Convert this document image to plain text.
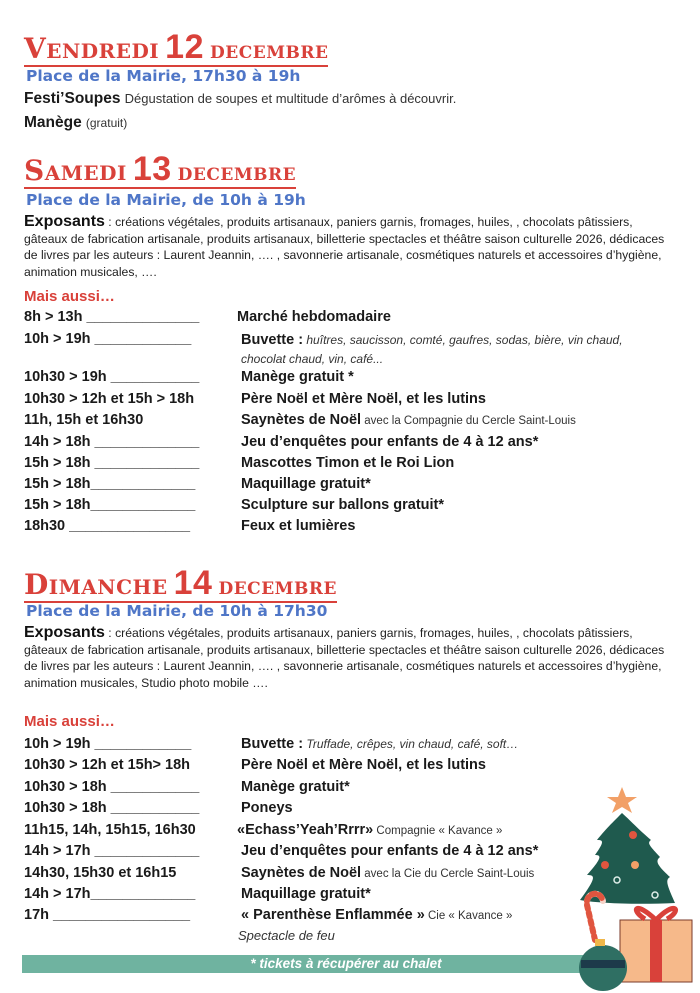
Vendredi 12 decembre
Place de la Mairie, 17h30 à 19h
Festi’Soupes Dégustation de soupes et multitude d’arômes à découvrir.
Manège (gratuit)
Samedi 13 decembre
Place de la Mairie, de 10h à 19h
Exposants : créations végétales, produits artisanaux, paniers garnis, fromages, huiles, , chocolats pâtissiers, gâteaux de fabrication artisanale, produits artisanaux, billetterie spectacles et théâtre saison culturelle 2026, dédicaces de livres par les auteurs : Laurent Jeannin, …. , savonnerie artisanale, cosmétiques naturels et accessoires d’hygiène, animation musicales, ….
Mais aussi…
8h > 13h ______________	Marché hebdomadaire
10h > 19h ____________	Buvette : huîtres, saucisson, comté, gaufres, sodas, bière, vin chaud, chocolat chaud, vin, café...
10h30 > 19h ___________	Manège gratuit *
10h30 > 12h et 15h > 18h	Père Noël et Mère Noël, et les lutins
11h, 15h et 16h30	Saynètes de Noël avec la Compagnie du Cercle Saint-Louis
14h > 18h _____________	Jeu d’enquêtes pour enfants de 4 à 12 ans*
15h > 18h _____________	Mascottes Timon et le Roi Lion
15h > 18h_____________	Maquillage gratuit*
15h > 18h_____________	Sculpture sur ballons gratuit*
18h30 _______________	Feux et lumières
Dimanche 14 decembre
Place de la Mairie, de 10h à 17h30
Exposants : créations végétales, produits artisanaux, paniers garnis, fromages, huiles, , chocolats pâtissiers, gâteaux de fabrication artisanale, produits artisanaux, billetterie spectacles et théâtre saison culturelle 2026, dédicaces de livres par les auteurs : Laurent Jeannin, …. , savonnerie artisanale, cosmétiques naturels et accessoires d’hygiène, animation musicales, Studio photo mobile ….
Mais aussi…
10h > 19h ____________	Buvette : Truffade, crêpes, vin chaud, café, soft…
10h30 > 12h et 15h> 18h	Père Noël et Mère Noël, et les lutins
10h30 > 18h ___________	Manège gratuit*
10h30 > 18h ___________	Poneys
11h15, 14h, 15h15, 16h30	«Echass’Yeah’Rrrr» Compagnie « Kavance »
14h > 17h _____________	Jeu d’enquêtes pour enfants de 4 à 12 ans*
14h30, 15h30 et 16h15	Saynètes de Noël avec la Cie du Cercle Saint-Louis
14h > 17h_____________	Maquillage gratuit*
17h _________________	« Parenthèse Enflammée » Cie « Kavance »
Spectacle de feu
* tickets à récupérer au chalet
